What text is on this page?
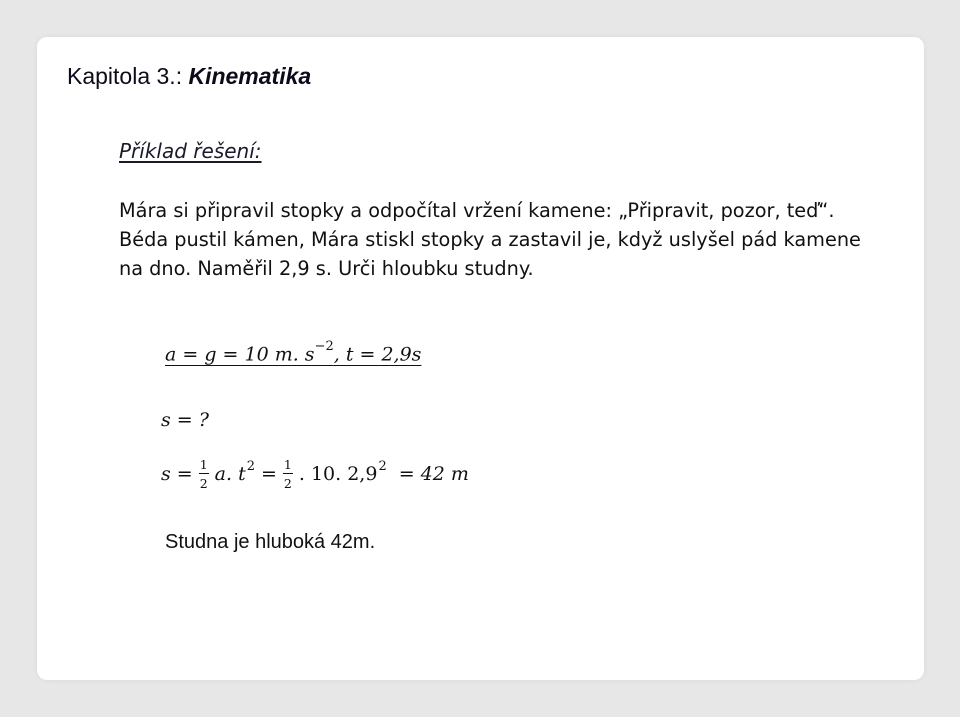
Kapitola 3.: Kinematika
Příklad řešení:

Mára si připravil stopky a odpočítal vržení kamene: „Připravit, pozor, teď“. Béda pustil kámen, Mára stiskl stopky a zastavil je, když uslyšel pád kamene na dno. Naměřil 2,9 s. Urči hloubku studny.

a = g = 10 m. $s^{-2}$, t = 2,9s
s = ?
$s = \frac{1}{2} a$. $t^2 = \frac{1}{2}$ . 10. $2,9^2 = 42$ m
Studna je hluboká 42m.
